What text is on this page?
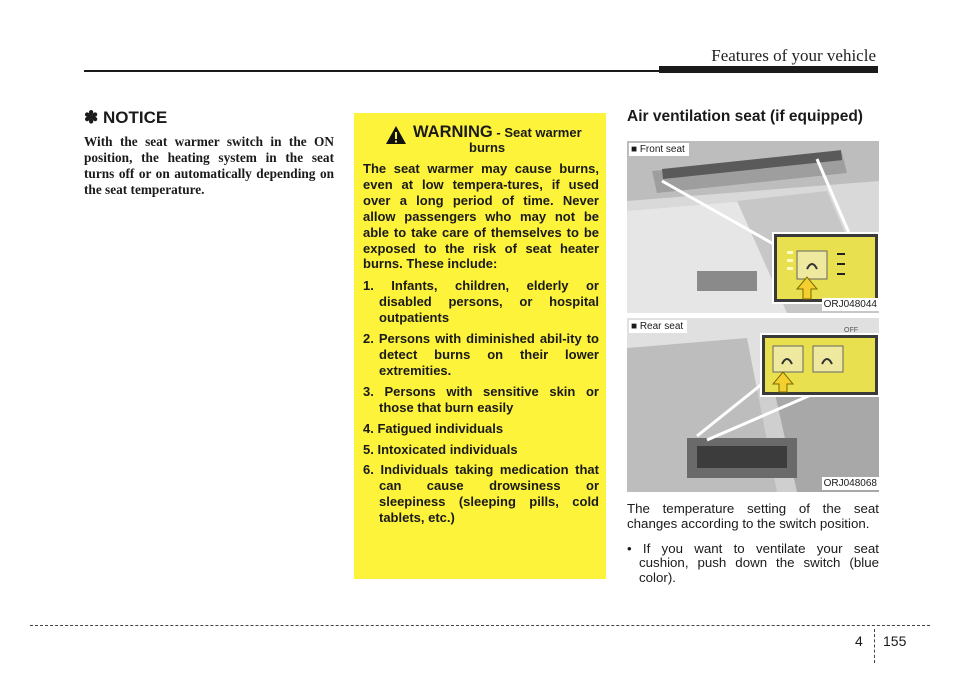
Features of your vehicle

✽ NOTICE

With the seat warmer switch in the ON position, the heating system in the seat turns off or on automatically depending on the seat temperature.

WARNING - Seat warmer
burns

The seat warmer may cause burns, even at low tempera-tures, if used over a long period of time. Never allow passengers who may not be able to take care of themselves to be exposed to the risk of seat heater burns. These include:

1. Infants, children, elderly or disabled persons, or hospital outpatients
2. Persons with diminished abil-ity to detect burns on their lower extremities.
3. Persons with sensitive skin or those that burn easily
4. Fatigued individuals
5. Intoxicated individuals
6. Individuals taking medication that can cause drowsiness or sleepiness (sleeping pills, cold tablets, etc.)
Air ventilation seat (if equipped)
■ Front seat
ORJ048044
OFF
■ Rear seat
ORJ048068

The temperature setting of the seat changes according to the switch position.

• If you want to ventilate your seat cushion, push down the switch (blue color).

4 155
